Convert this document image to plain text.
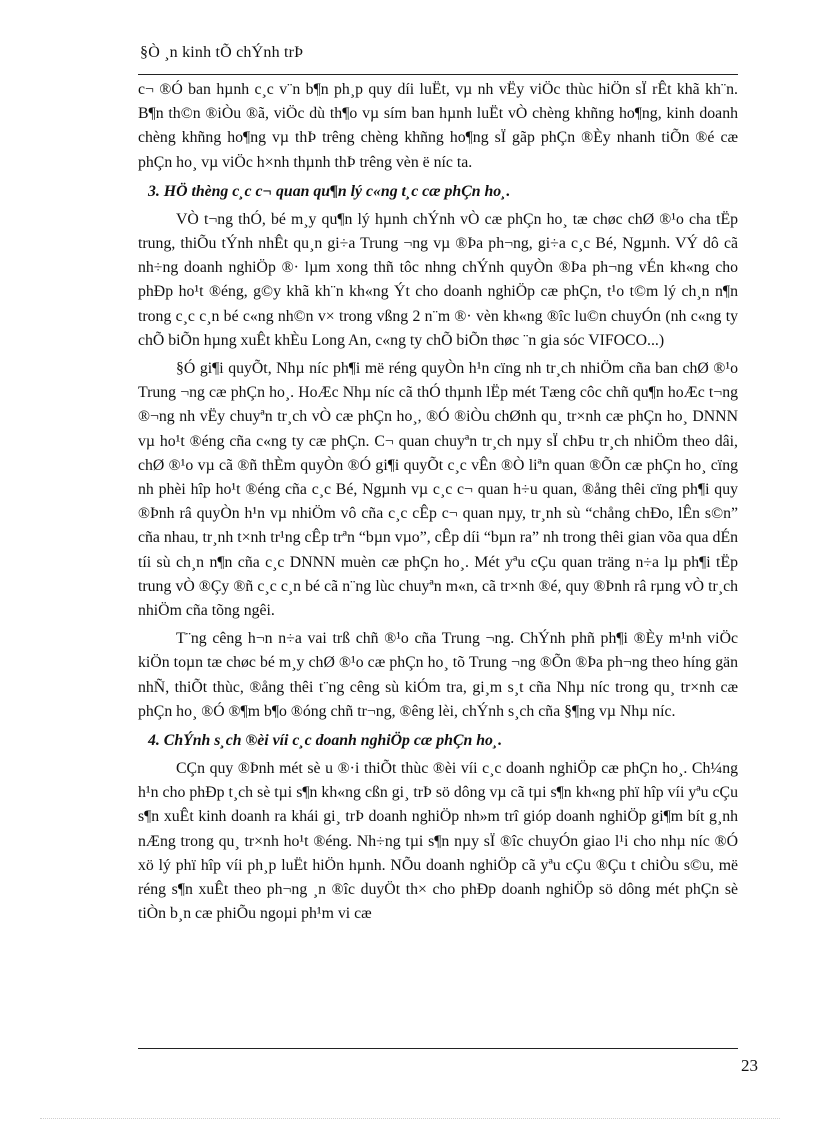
§Ò ¸n kinh tÕ chÝnh trÞ

c¬ ®Ó ban hµnh c¸c v¨n b¶n ph¸p quy díi luËt, vµ nh vËy viÖc thùc hiÖn sÏ rÊt khã kh¨n. B¶n th©n ®iÒu ®ã, viÖc dù th¶o vµ sím ban hµnh luËt vÒ chèng khñng ho¶ng, kinh doanh chèng khñng ho¶ng vµ thÞ trêng chèng khñng ho¶ng sÏ gãp phÇn ®Èy nhanh tiÕn ®é cæ phÇn ho¸ vµ viÖc h×nh thµnh thÞ trêng vèn ë níc ta.

3. HÖ thèng c¸c c¬ quan qu¶n lý c«ng t¸c cæ phÇn ho¸.

VÒ t¬ng thÓ, bé m¸y qu¶n lý hµnh chÝnh vÒ cæ phÇn ho¸ tæ chøc chØ ®¹o cha tËp trung, thiÕu tÝnh nhÊt qu¸n gi÷a Trung ¬ng vµ ®Þa ph¬ng, gi÷a c¸c Bé, Ngµnh. VÝ dô cã nh÷ng doanh nghiÖp ®· lµm xong thñ tôc nhng chÝnh quyÒn ®Þa ph¬ng vÉn kh«ng cho phÐp ho¹t ®éng, g©y khã kh¨n kh«ng Ýt cho doanh nghiÖp cæ phÇn, t¹o t©m lý ch¸n n¶n trong c¸c c¸n bé c«ng nh©n v× trong vßng 2 n¨m ®· vèn kh«ng ®îc lu©n chuyÓn (nh c«ng ty chÕ biÕn hµng xuÊt khÈu Long An, c«ng ty chÕ biÕn thøc ¨n gia sóc VIFOCO...)

§Ó gi¶i quyÕt, Nhµ níc ph¶i më réng quyÒn h¹n cïng nh tr¸ch nhiÖm cña ban chØ ®¹o Trung ¬ng cæ phÇn ho¸. HoÆc Nhµ níc cã thÓ thµnh lËp mét Tæng côc chñ qu¶n hoÆc t¬ng ®¬ng nh vËy chuyªn tr¸ch vÒ cæ phÇn ho¸, ®Ó ®iÒu chØnh qu¸ tr×nh cæ phÇn ho¸ DNNN vµ ho¹t ®éng cña c«ng ty cæ phÇn. C¬ quan chuyªn tr¸ch nµy sÏ chÞu tr¸ch nhiÖm theo dâi, chØ ®¹o vµ cã ®ñ thÈm quyÒn ®Ó gi¶i quyÕt c¸c vÊn ®Ò liªn quan ®Õn cæ phÇn ho¸ cïng nh phèi hîp ho¹t ®éng cña c¸c Bé, Ngµnh vµ c¸c c¬ quan h÷u quan, ®ång thêi cïng ph¶i quy ®Þnh râ quyÒn h¹n vµ nhiÖm vô cña c¸c cÊp c¬ quan nµy, tr¸nh sù “chång chÐo, lÊn s©n” cña nhau, tr¸nh t×nh tr¹ng cÊp trªn “bµn vµo”, cÊp díi “bµn ra” nh trong thêi gian võa qua dÉn tíi sù ch¸n n¶n cña c¸c DNNN muèn cæ phÇn ho¸. Mét yªu cÇu quan träng n÷a lµ ph¶i tËp trung vÒ ®Çy ®ñ c¸c c¸n bé cã n¨ng lùc chuyªn m«n, cã tr×nh ®é, quy ®Þnh râ rµng vÒ tr¸ch nhiÖm cña tõng ngêi.

T¨ng cêng h¬n n÷a vai trß chñ ®¹o cña Trung ¬ng. ChÝnh phñ ph¶i ®Èy m¹nh viÖc kiÖn toµn tæ chøc bé m¸y chØ ®¹o cæ phÇn ho¸ tõ Trung ¬ng ®Õn ®Þa ph¬ng theo híng gän nhÑ, thiÕt thùc, ®ång thêi t¨ng cêng sù kiÓm tra, gi¸m s¸t cña Nhµ níc trong qu¸ tr×nh cæ phÇn ho¸ ®Ó ®¶m b¶o ®óng chñ tr¬ng, ®êng lèi, chÝnh s¸ch cña §¶ng vµ Nhµ níc.

4. ChÝnh s¸ch ®èi víi c¸c doanh nghiÖp cæ phÇn ho¸.

CÇn quy ®Þnh mét sè u ®·i thiÕt thùc ®èi víi c¸c doanh nghiÖp cæ phÇn ho¸. Ch¼ng h¹n cho phÐp t¸ch sè tµi s¶n kh«ng cßn gi¸ trÞ sö dông vµ cã tµi s¶n kh«ng phï hîp víi yªu cÇu s¶n xuÊt kinh doanh ra khái gi¸ trÞ doanh nghiÖp nh»m trî gióp doanh nghiÖp gi¶m bít g¸nh nÆng trong qu¸ tr×nh ho¹t ®éng. Nh÷ng tµi s¶n nµy sÏ ®îc chuyÓn giao l¹i cho nhµ níc ®Ó xö lý phï hîp víi ph¸p luËt hiÖn hµnh. NÕu doanh nghiÖp cã yªu cÇu ®Çu t chiÒu s©u, më réng s¶n xuÊt theo ph¬ng ¸n ®îc duyÖt th× cho phÐp doanh nghiÖp sö dông mét phÇn sè tiÒn b¸n cæ phiÕu ngoµi ph¹m vi cæ

23
